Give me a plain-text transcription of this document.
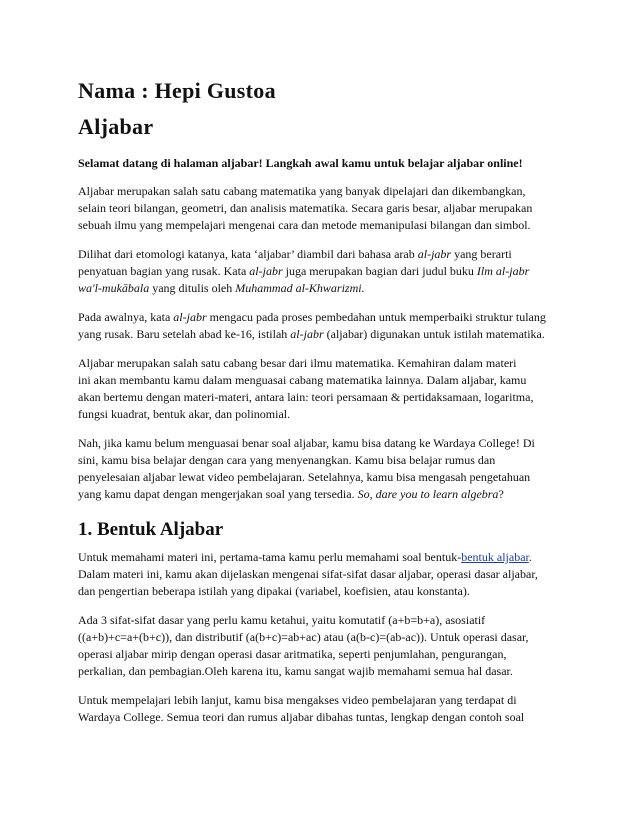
Nama : Hepi Gustoa
Aljabar
Selamat datang di halaman aljabar! Langkah awal kamu untuk belajar aljabar online!

Aljabar merupakan salah satu cabang matematika yang banyak dipelajari dan dikembangkan,
selain teori bilangan, geometri, dan analisis matematika. Secara garis besar, aljabar merupakan
sebuah ilmu yang mempelajari mengenai cara dan metode memanipulasi bilangan dan simbol.

Dilihat dari etomologi katanya, kata ‘aljabar’ diambil dari bahasa arab al-jabr yang berarti
penyatuan bagian yang rusak. Kata al-jabr juga merupakan bagian dari judul buku Ilm al-jabr
wa'l-mukābala yang ditulis oleh Muhammad al-Khwarizmi.

Pada awalnya, kata al-jabr mengacu pada proses pembedahan untuk memperbaiki struktur tulang
yang rusak. Baru setelah abad ke-16, istilah al-jabr (aljabar) digunakan untuk istilah matematika.

Aljabar merupakan salah satu cabang besar dari ilmu matematika. Kemahiran dalam materi
ini akan membantu kamu dalam menguasai cabang matematika lainnya. Dalam aljabar, kamu
akan bertemu dengan materi-materi, antara lain: teori persamaan & pertidaksamaan, logaritma,
fungsi kuadrat, bentuk akar, dan polinomial.

Nah, jika kamu belum menguasai benar soal aljabar, kamu bisa datang ke Wardaya College! Di
sini, kamu bisa belajar dengan cara yang menyenangkan. Kamu bisa belajar rumus dan
penyelesaian aljabar lewat video pembelajaran. Setelahnya, kamu bisa mengasah pengetahuan
yang kamu dapat dengan mengerjakan soal yang tersedia. So, dare you to learn algebra?

1. Bentuk Aljabar

Untuk memahami materi ini, pertama-tama kamu perlu memahami soal bentuk-bentuk aljabar.
Dalam materi ini, kamu akan dijelaskan mengenai sifat-sifat dasar aljabar, operasi dasar aljabar,
dan pengertian beberapa istilah yang dipakai (variabel, koefisien, atau konstanta).

Ada 3 sifat-sifat dasar yang perlu kamu ketahui, yaitu komutatif (a+b=b+a), asosiatif
((a+b)+c=a+(b+c)), dan distributif (a(b+c)=ab+ac) atau (a(b-c)=(ab-ac)). Untuk operasi dasar,
operasi aljabar mirip dengan operasi dasar aritmatika, seperti penjumlahan, pengurangan,
perkalian, dan pembagian.Oleh karena itu, kamu sangat wajib memahami semua hal dasar.

Untuk mempelajari lebih lanjut, kamu bisa mengakses video pembelajaran yang terdapat di
Wardaya College. Semua teori dan rumus aljabar dibahas tuntas, lengkap dengan contoh soal
